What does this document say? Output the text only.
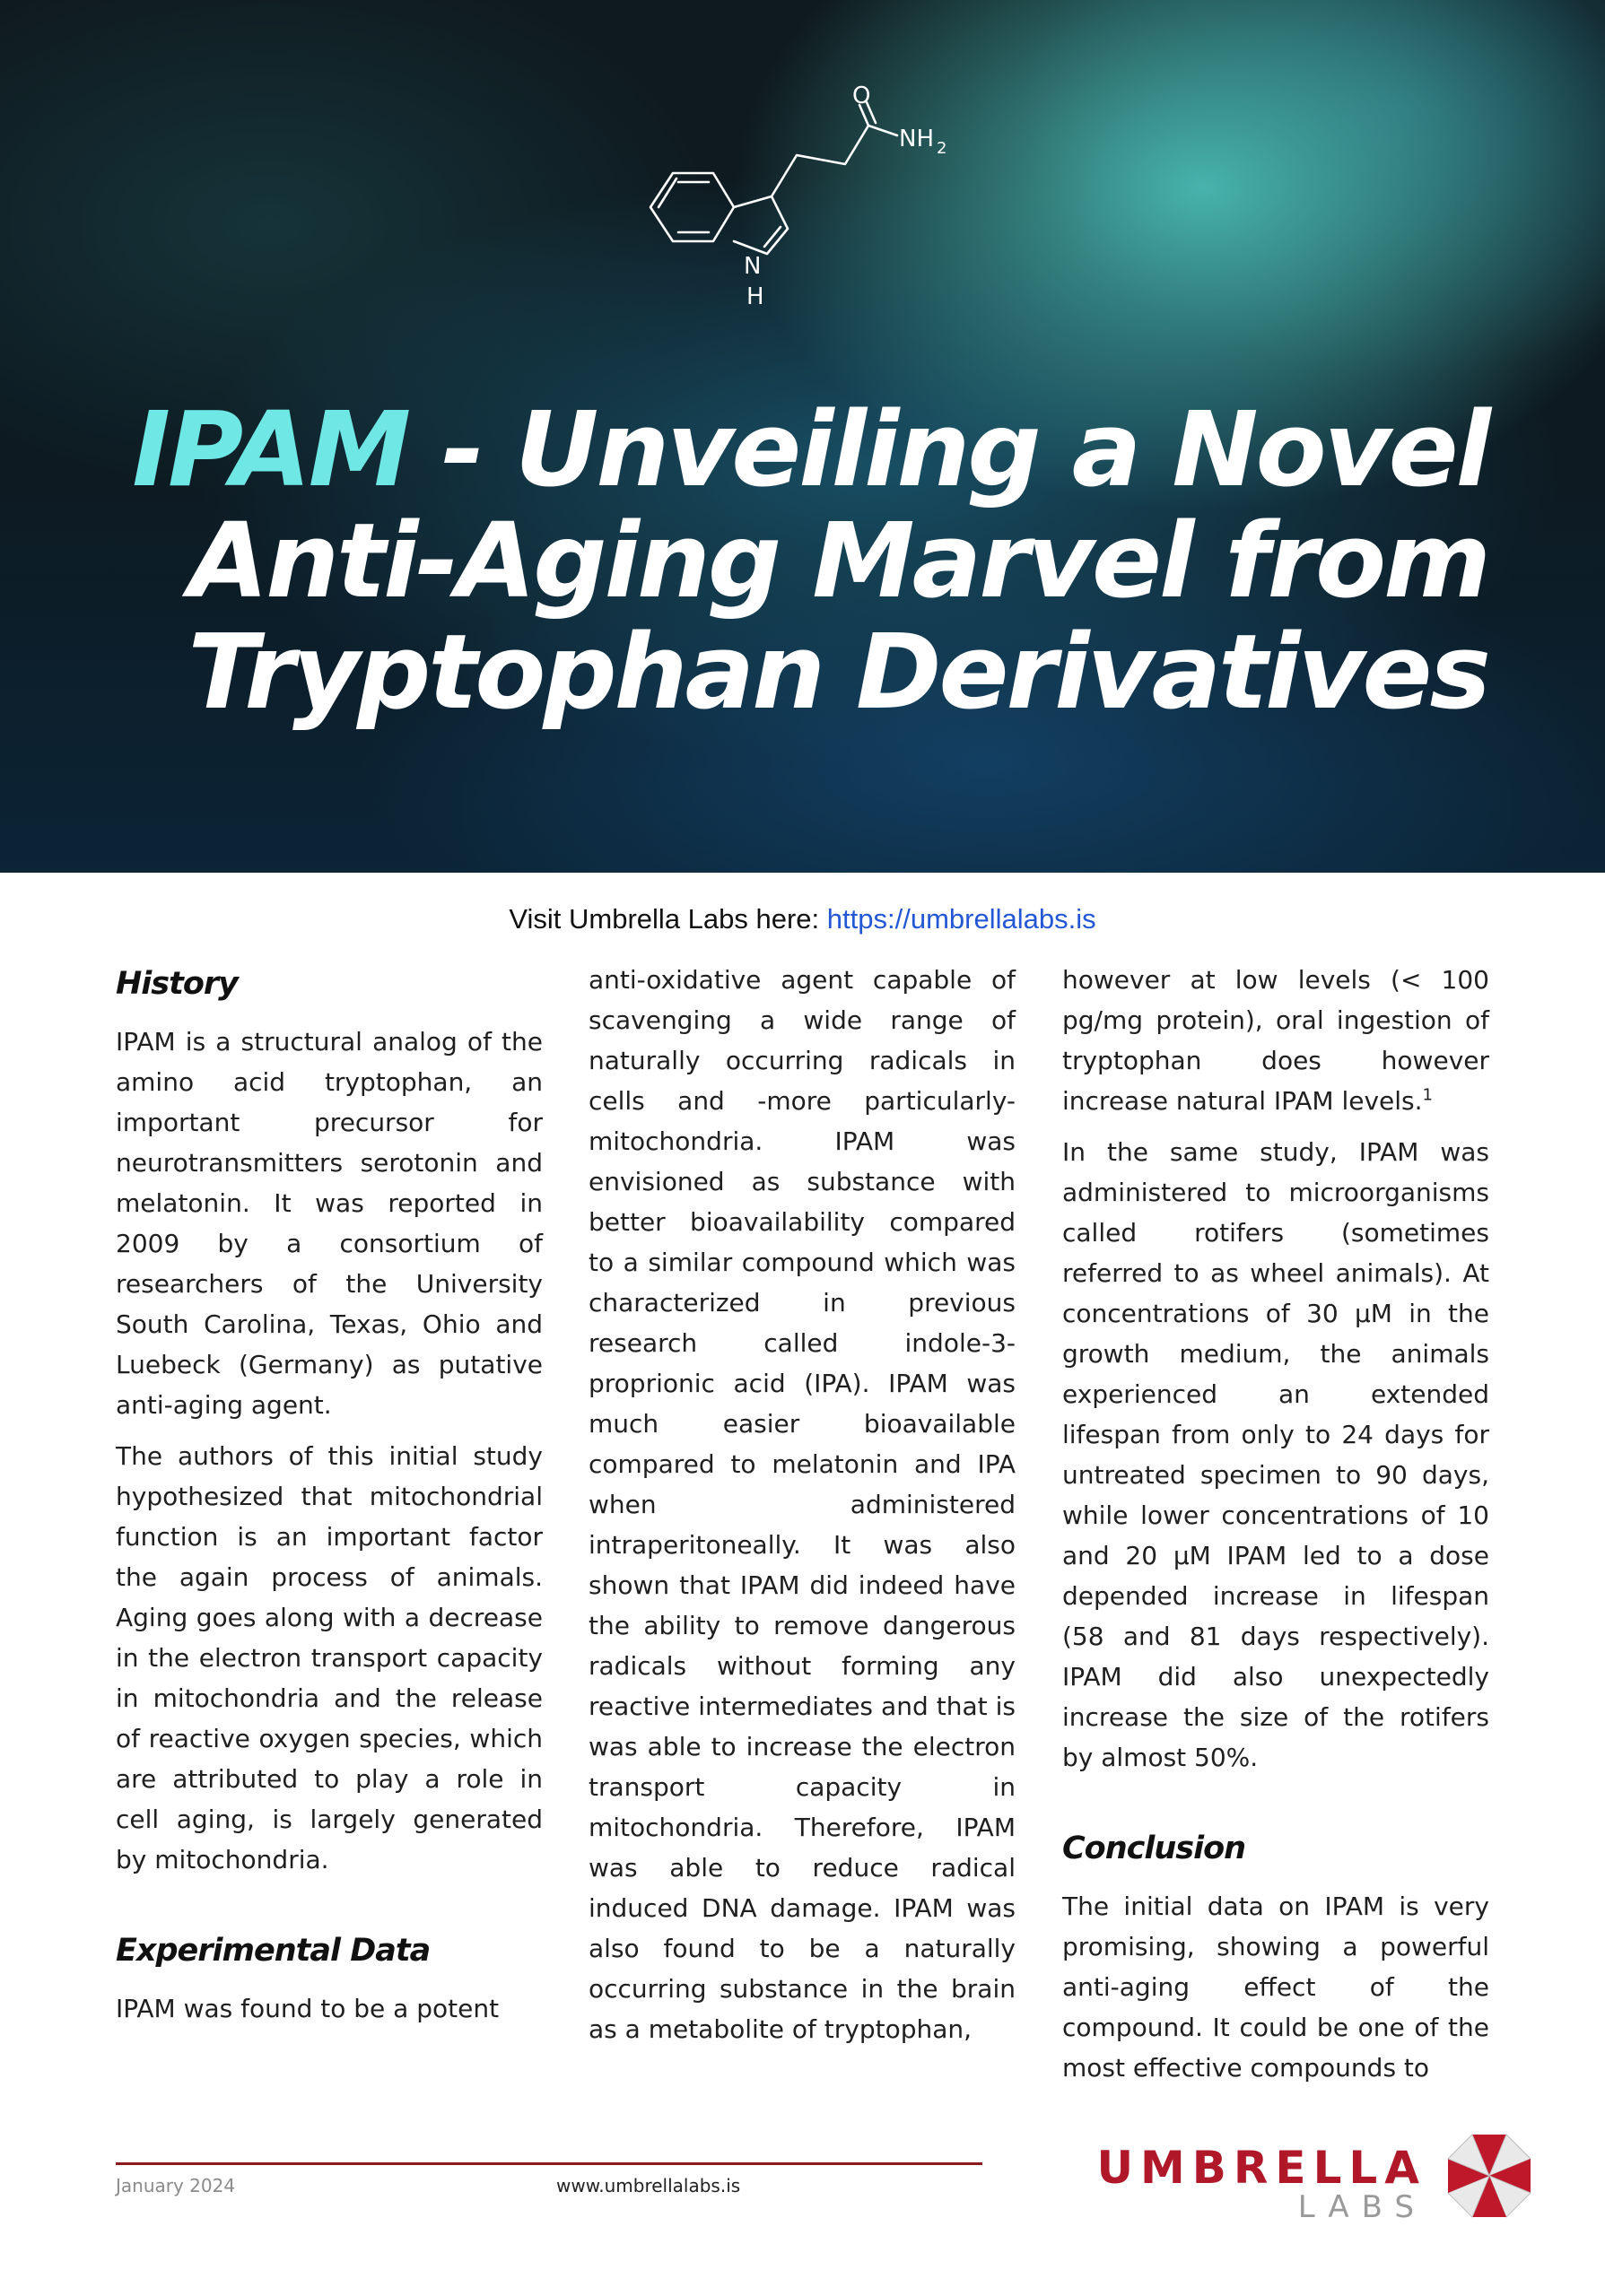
O
NH 2
N
H
IPAM - Unveiling a Novel
Anti-Aging Marvel from
Tryptophan Derivatives
Visit Umbrella Labs here: https://umbrellalabs.is
History

IPAM is a structural analog of the amino acid tryptophan, an important precursor for neurotransmitters serotonin and melatonin. It was reported in 2009 by a consortium of researchers of the University South Carolina, Texas, Ohio and Luebeck (Germany) as putative anti-aging agent.

The authors of this initial study hypothesized that mitochondrial function is an important factor the again process of animals. Aging goes along with a decrease in the electron transport capacity in mitochondria and the release of reactive oxygen species, which are attributed to play a role in cell aging, is largely generated by mitochondria.

Experimental Data

IPAM was found to be a potent

anti-oxidative agent capable of scavenging a wide range of naturally occurring radicals in cells and -more particularly- mitochondria. IPAM was envisioned as substance with better bioavailability compared to a similar compound which was characterized in previous research called indole-3-proprionic acid (IPA). IPAM was much easier bioavailable compared to melatonin and IPA when administered intraperitoneally. It was also shown that IPAM did indeed have the ability to remove dangerous radicals without forming any reactive intermediates and that is was able to increase the electron transport capacity in mitochondria. Therefore, IPAM was able to reduce radical induced DNA damage. IPAM was also found to be a naturally occurring substance in the brain as a metabolite of tryptophan,

however at low levels (< 100 pg/mg protein), oral ingestion of tryptophan does however increase natural IPAM levels.$^1$

In the same study, IPAM was administered to microorganisms called rotifers (sometimes referred to as wheel animals). At concentrations of 30 µM in the growth medium, the animals experienced an extended lifespan from only to 24 days for untreated specimen to 90 days, while lower concentrations of 10 and 20 µM IPAM led to a dose depended increase in lifespan (58 and 81 days respectively). IPAM did also unexpectedly increase the size of the rotifers by almost 50%.

Conclusion

The initial data on IPAM is very promising, showing a powerful anti-aging effect of the compound. It could be one of the most effective compounds to

January 2024	www.umbrellalabs.is	UMBRELLA
LABS
